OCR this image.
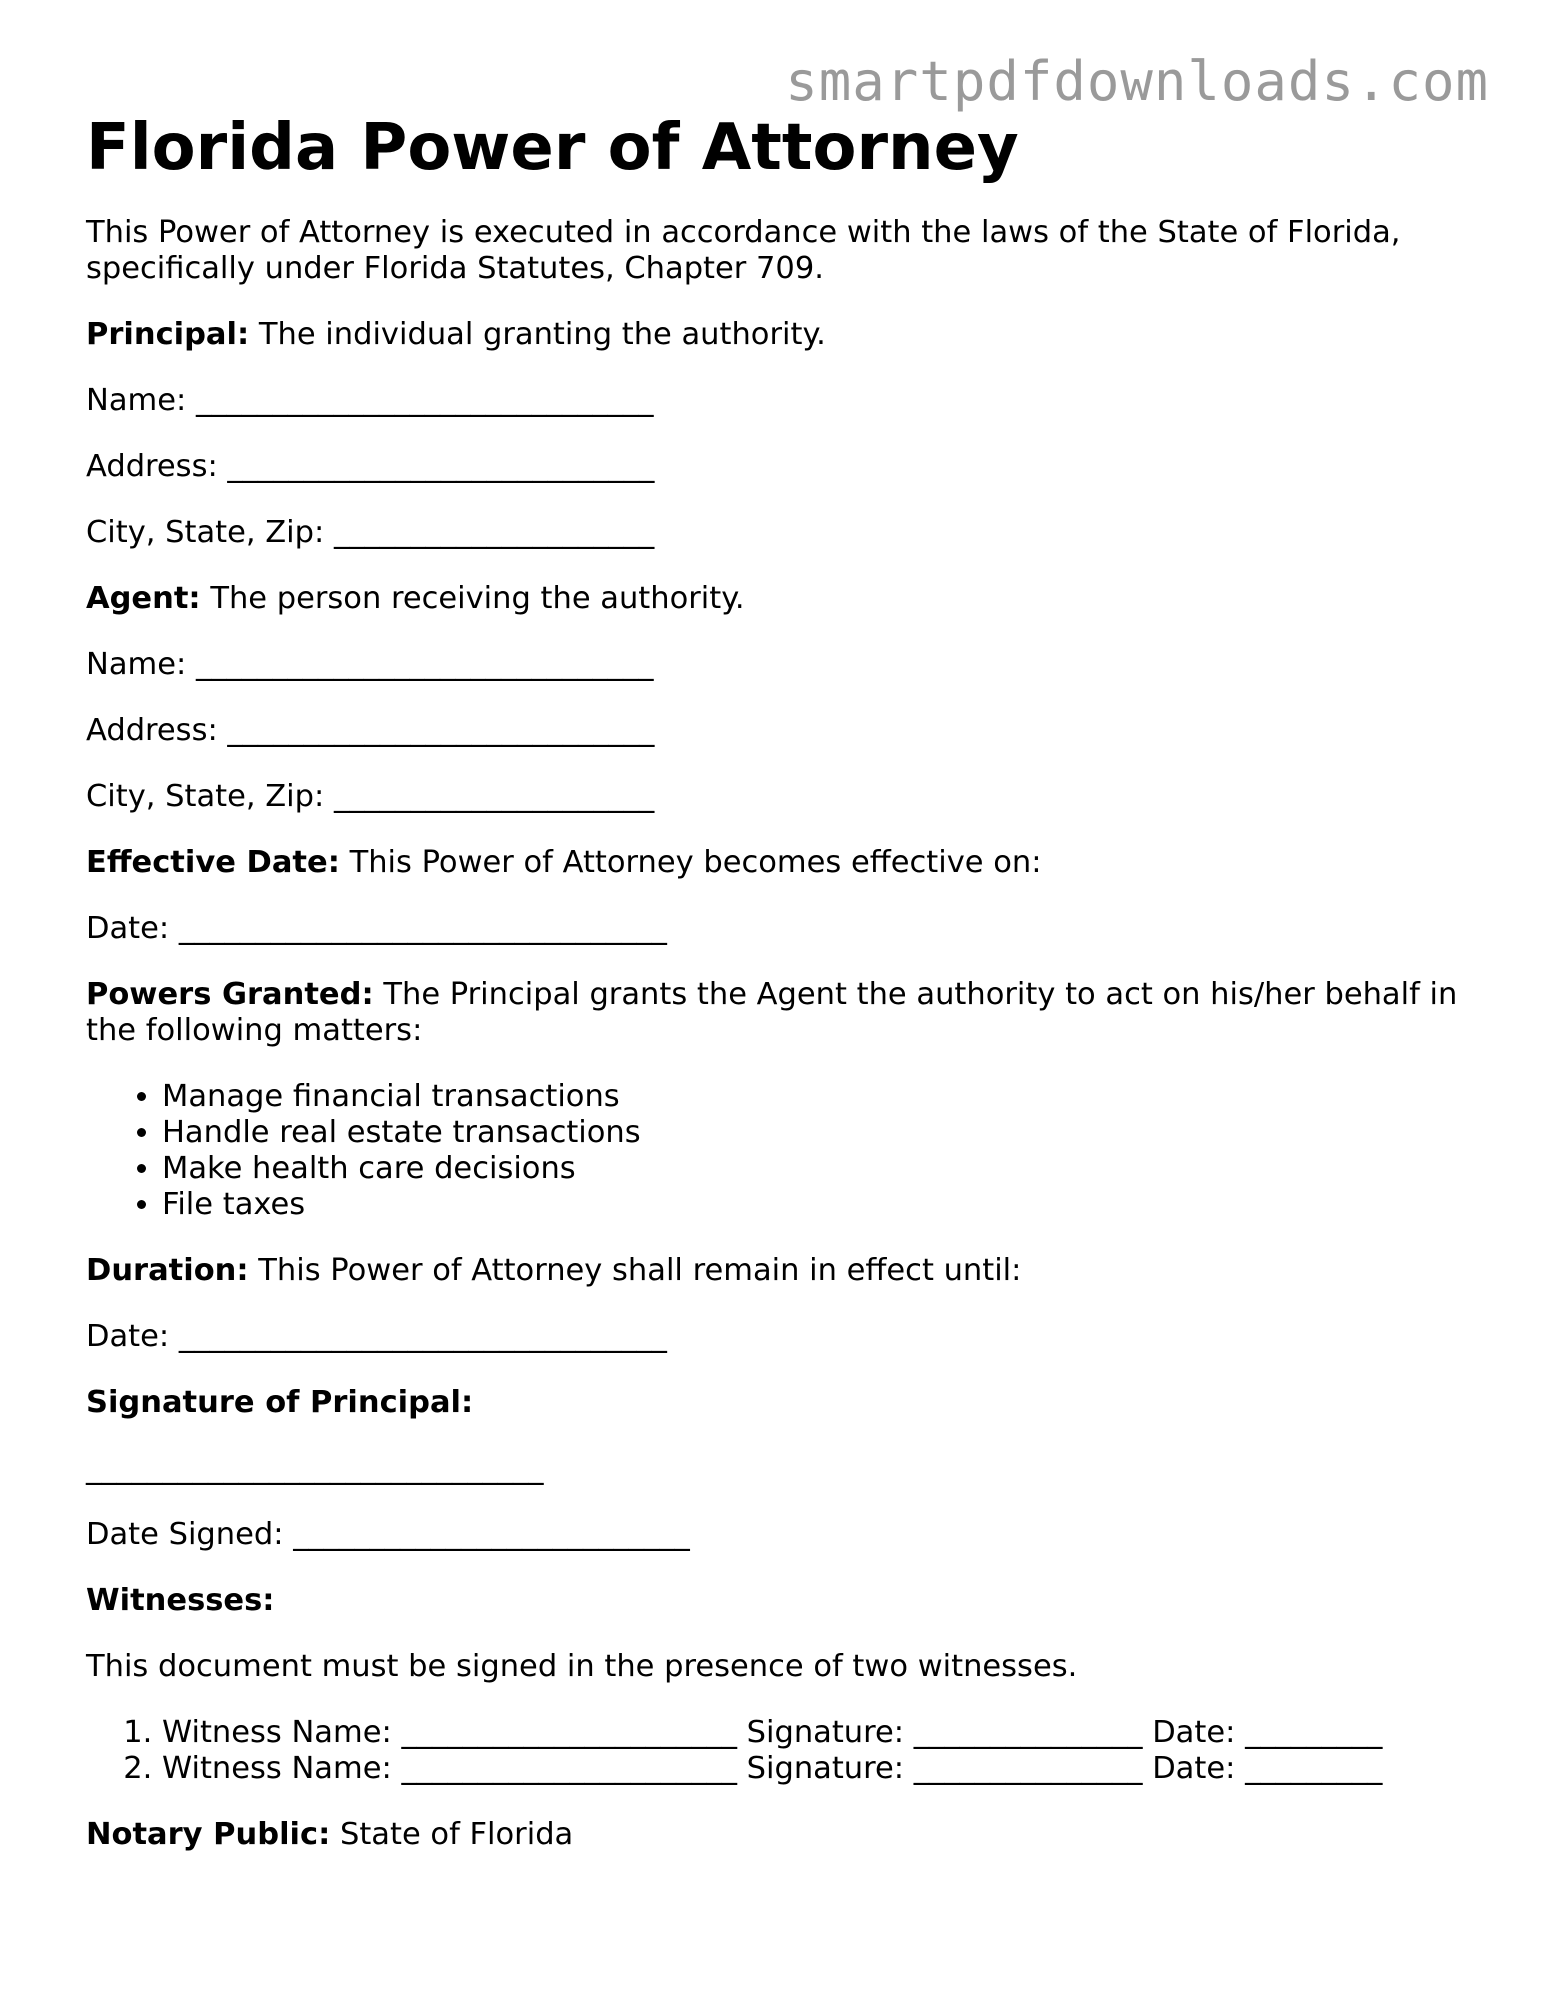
smartpdfdownloads.com
Florida Power of Attorney

This Power of Attorney is executed in accordance with the laws of the State of Florida, specifically under Florida Statutes, Chapter 709.

Principal: The individual granting the authority.

Name: ______________________________

Address: ____________________________

City, State, Zip: _____________________

Agent: The person receiving the authority.

Name: ______________________________

Address: ____________________________

City, State, Zip: _____________________

Effective Date: This Power of Attorney becomes effective on:

Date: ________________________________

Powers Granted: The Principal grants the Agent the authority to act on his/her behalf in the following matters:

• Manage financial transactions
• Handle real estate transactions
• Make health care decisions
• File taxes

Duration: This Power of Attorney shall remain in effect until:

Date: ________________________________

Signature of Principal:

______________________________

Date Signed: __________________________

Witnesses:

This document must be signed in the presence of two witnesses.

1. Witness Name: ______________________ Signature: _______________ Date: _________
2. Witness Name: ______________________ Signature: _______________ Date: _________

Notary Public: State of Florida
